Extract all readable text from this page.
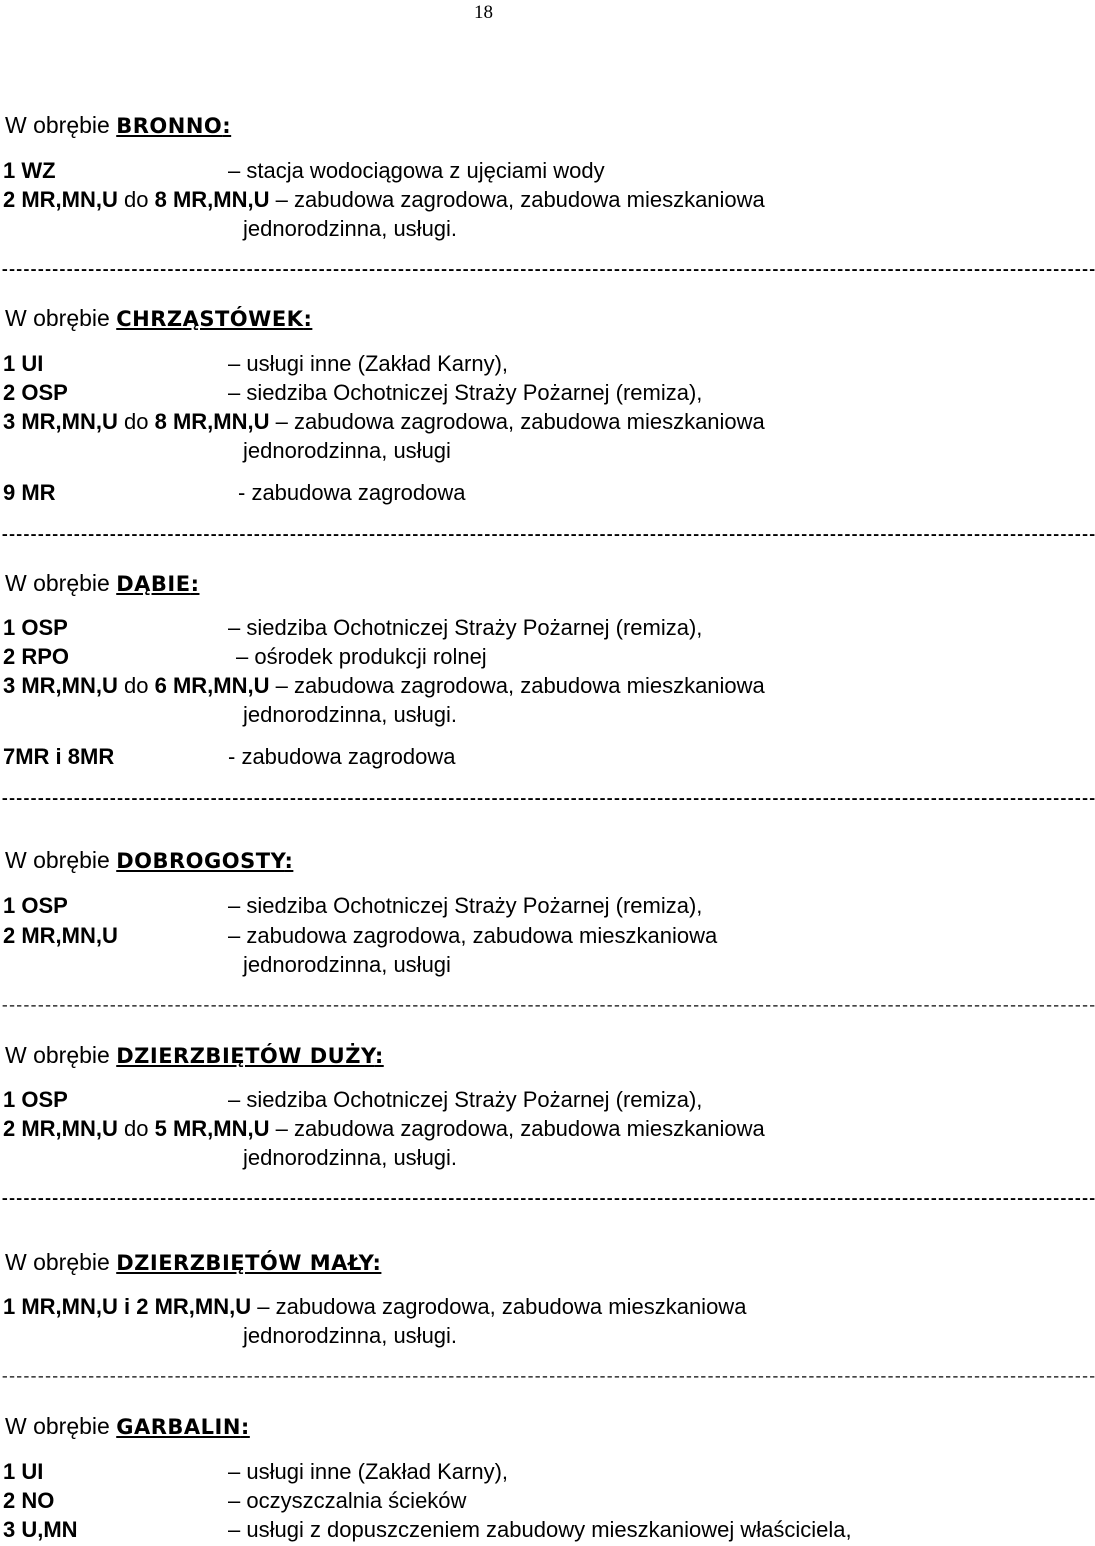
18
W obrębie BRONNO:
1 WZ	– stacja wodociągowa z ujęciami wody
2 MR,MN,U do 8 MR,MN,U – zabudowa zagrodowa, zabudowa mieszkaniowa
jednorodzinna, usługi.
--------------------------------------------------------------------------------------------------------------------------------------------------------
W obrębie CHRZĄSTÓWEK:
1 UI	– usługi inne (Zakład Karny),
2 OSP	– siedziba Ochotniczej Straży Pożarnej (remiza),
3 MR,MN,U do 8 MR,MN,U – zabudowa zagrodowa, zabudowa mieszkaniowa
jednorodzinna, usługi
9 MR	- zabudowa zagrodowa
--------------------------------------------------------------------------------------------------------------------------------------------------------
W obrębie DĄBIE:
1 OSP	– siedziba Ochotniczej Straży Pożarnej (remiza),
2 RPO	– ośrodek produkcji rolnej
3 MR,MN,U do 6 MR,MN,U – zabudowa zagrodowa, zabudowa mieszkaniowa
jednorodzinna, usługi.
7MR i 8MR	- zabudowa zagrodowa
--------------------------------------------------------------------------------------------------------------------------------------------------------
W obrębie DOBROGOSTY:
1 OSP	– siedziba Ochotniczej Straży Pożarnej (remiza),
2 MR,MN,U	– zabudowa zagrodowa, zabudowa mieszkaniowa
jednorodzinna, usługi
--------------------------------------------------------------------------------------------------------------------------------------------------------
W obrębie DZIERZBIĘTÓW DUŻY:
1 OSP	– siedziba Ochotniczej Straży Pożarnej (remiza),
2 MR,MN,U do 5 MR,MN,U – zabudowa zagrodowa, zabudowa mieszkaniowa
jednorodzinna, usługi.
--------------------------------------------------------------------------------------------------------------------------------------------------------
W obrębie DZIERZBIĘTÓW MAŁY:
1 MR,MN,U i 2 MR,MN,U – zabudowa zagrodowa, zabudowa mieszkaniowa
jednorodzinna, usługi.
--------------------------------------------------------------------------------------------------------------------------------------------------------
W obrębie GARBALIN:
1 UI	– usługi inne (Zakład Karny),
2 NO	– oczyszczalnia ścieków
3 U,MN	– usługi z dopuszczeniem zabudowy mieszkaniowej właściciela,
